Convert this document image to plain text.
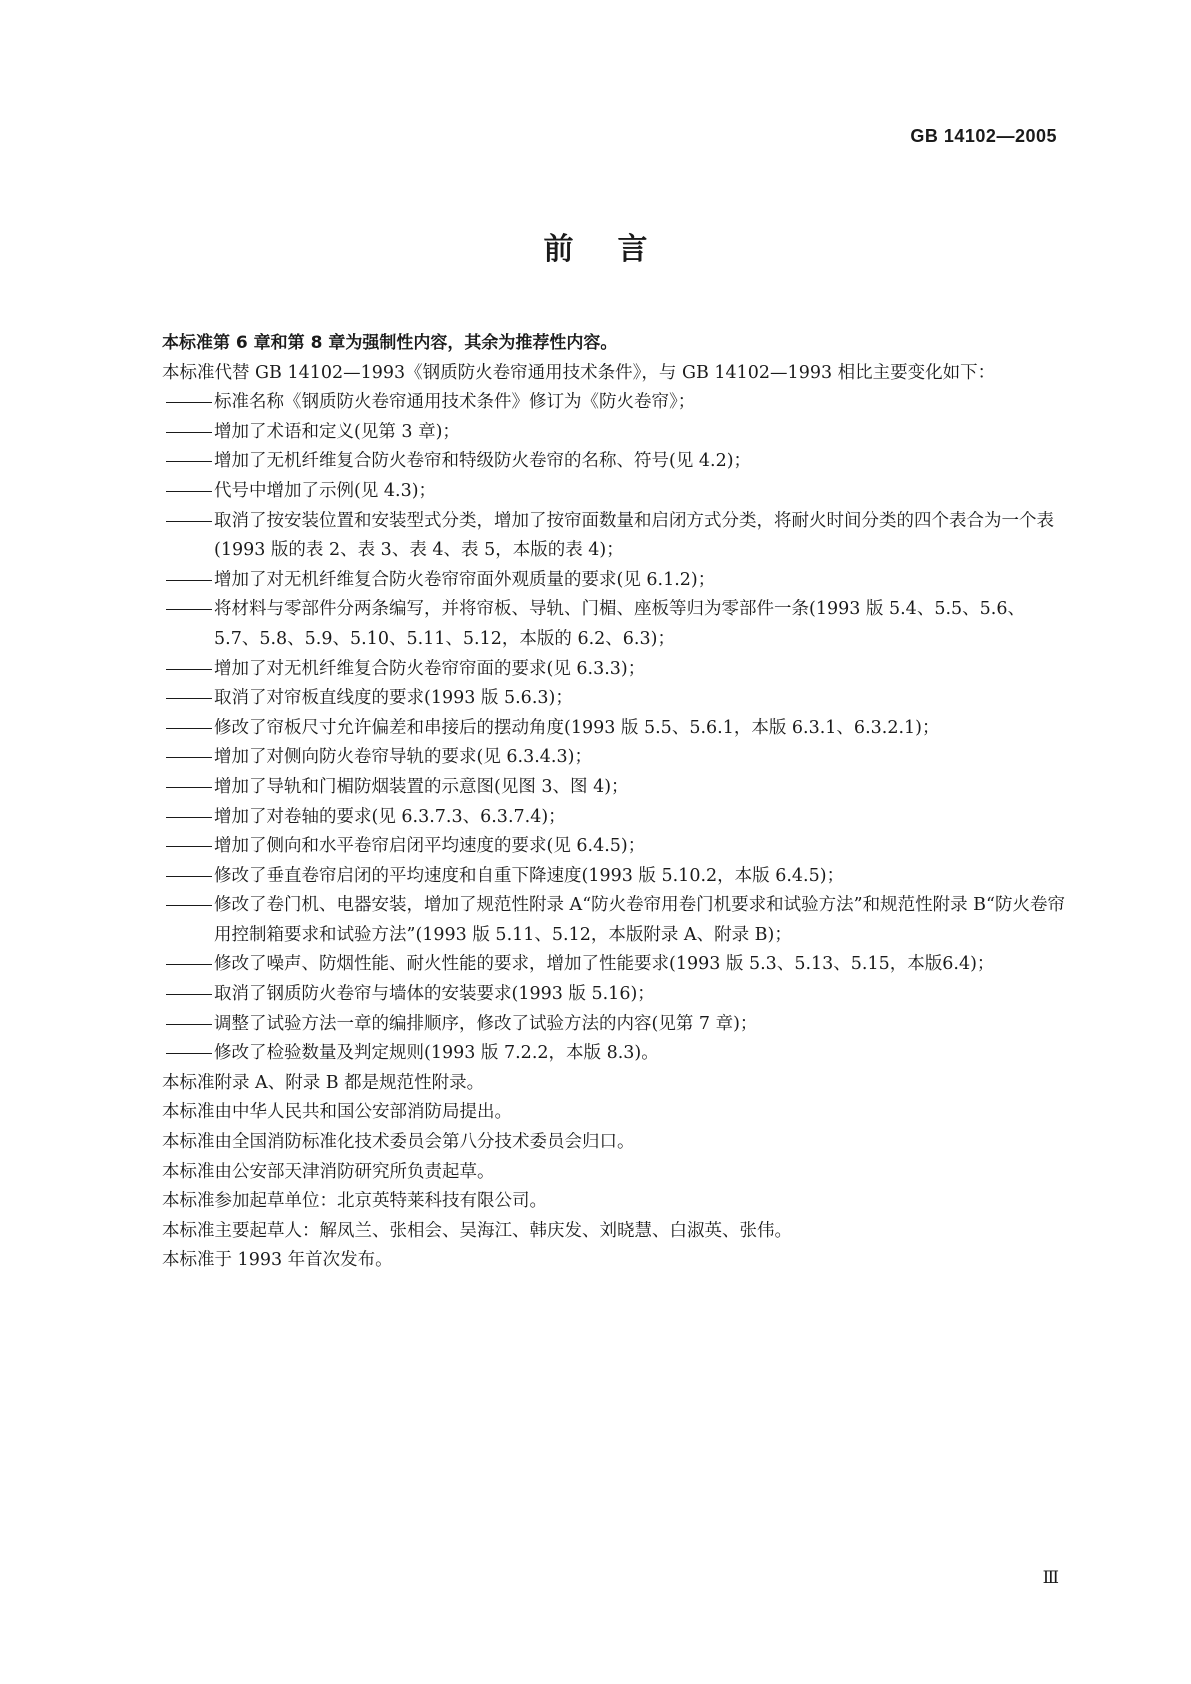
GB 14102—2005
前言

本标准第 6 章和第 8 章为强制性内容，其余为推荐性内容。

本标准代替 GB 14102—1993《钢质防火卷帘通用技术条件》，与 GB 14102—1993 相比主要变化如下：

标准名称《钢质防火卷帘通用技术条件》修订为《防火卷帘》；

增加了术语和定义(见第 3 章)；

增加了无机纤维复合防火卷帘和特级防火卷帘的名称、符号(见 4.2)；

代号中增加了示例(见 4.3)；

取消了按安装位置和安装型式分类，增加了按帘面数量和启闭方式分类，将耐火时间分类的四个表合为一个表(1993 版的表 2、表 3、表 4、表 5，本版的表 4)；

增加了对无机纤维复合防火卷帘帘面外观质量的要求(见 6.1.2)；

将材料与零部件分两条编写，并将帘板、导轨、门楣、座板等归为零部件一条(1993 版 5.4、5.5、5.6、5.7、5.8、5.9、5.10、5.11、5.12，本版的 6.2、6.3)；

增加了对无机纤维复合防火卷帘帘面的要求(见 6.3.3)；

取消了对帘板直线度的要求(1993 版 5.6.3)；

修改了帘板尺寸允许偏差和串接后的摆动角度(1993 版 5.5、5.6.1，本版 6.3.1、6.3.2.1)；

增加了对侧向防火卷帘导轨的要求(见 6.3.4.3)；

增加了导轨和门楣防烟装置的示意图(见图 3、图 4)；

增加了对卷轴的要求(见 6.3.7.3、6.3.7.4)；

增加了侧向和水平卷帘启闭平均速度的要求(见 6.4.5)；

修改了垂直卷帘启闭的平均速度和自重下降速度(1993 版 5.10.2，本版 6.4.5)；

修改了卷门机、电器安装，增加了规范性附录 A“防火卷帘用卷门机要求和试验方法”和规范性附录 B“防火卷帘用控制箱要求和试验方法”(1993 版 5.11、5.12，本版附录 A、附录 B)；

修改了噪声、防烟性能、耐火性能的要求，增加了性能要求(1993 版 5.3、5.13、5.15，本版6.4)；

取消了钢质防火卷帘与墙体的安装要求(1993 版 5.16)；

调整了试验方法一章的编排顺序，修改了试验方法的内容(见第 7 章)；

修改了检验数量及判定规则(1993 版 7.2.2，本版 8.3)。

本标准附录 A、附录 B 都是规范性附录。

本标准由中华人民共和国公安部消防局提出。

本标准由全国消防标准化技术委员会第八分技术委员会归口。

本标准由公安部天津消防研究所负责起草。

本标准参加起草单位：北京英特莱科技有限公司。

本标准主要起草人：解凤兰、张相会、吴海江、韩庆发、刘晓慧、白淑英、张伟。

本标准于 1993 年首次发布。

Ⅲ
